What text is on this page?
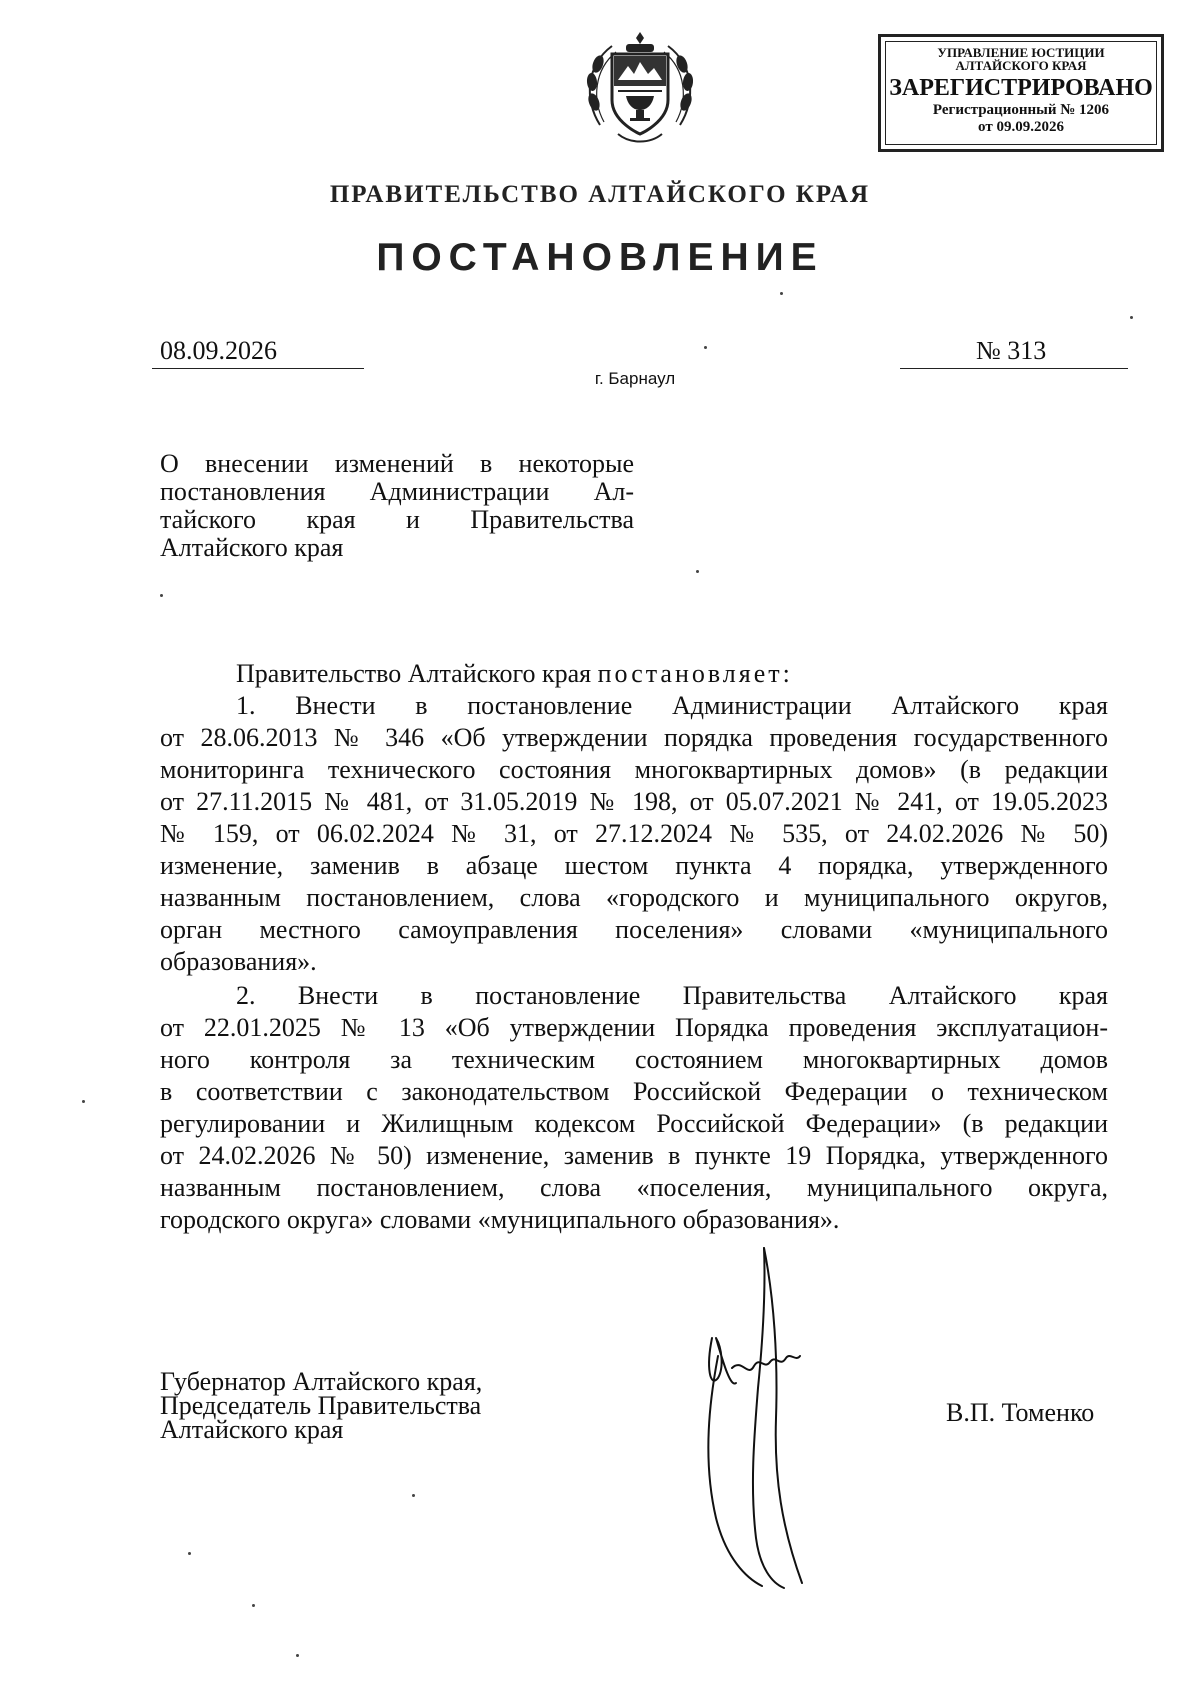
УПРАВЛЕНИЕ ЮСТИЦИИ
АЛТАЙСКОГО КРАЯ
ЗАРЕГИСТРИРОВАНО
Регистрационный № 1206
от 09.09.2026
ПРАВИТЕЛЬСТВО АЛТАЙСКОГО КРАЯ
ПОСТАНОВЛЕНИЕ
08.09.2026	№ 313
г. Барнаул
О внесении изменений в некоторые
постановления Администрации Ал-
тайского края и Правительства
Алтайского края
Правительство Алтайского края постановляет:
1. Внести в постановление Администрации Алтайского края
от 28.06.2013 № 346 «Об утверждении порядка проведения государственного
мониторинга технического состояния многоквартирных домов» (в редакции
от 27.11.2015 № 481, от 31.05.2019 № 198, от 05.07.2021 № 241, от 19.05.2023
№ 159, от 06.02.2024 № 31, от 27.12.2024 № 535, от 24.02.2026 № 50)
изменение, заменив в абзаце шестом пункта 4 порядка, утвержденного
названным постановлением, слова «городского и муниципального округов,
орган местного самоуправления поселения» словами «муниципального
образования».
2. Внести в постановление Правительства Алтайского края
от 22.01.2025 № 13 «Об утверждении Порядка проведения эксплуатацион-
ного контроля за техническим состоянием многоквартирных домов
в соответствии с законодательством Российской Федерации о техническом
регулировании и Жилищным кодексом Российской Федерации» (в редакции
от 24.02.2026 № 50) изменение, заменив в пункте 19 Порядка, утвержденного
названным постановлением, слова «поселения, муниципального округа,
городского округа» словами «муниципального образования».
Губернатор Алтайского края,
Председатель Правительства
Алтайского края
В.П. Томенко
